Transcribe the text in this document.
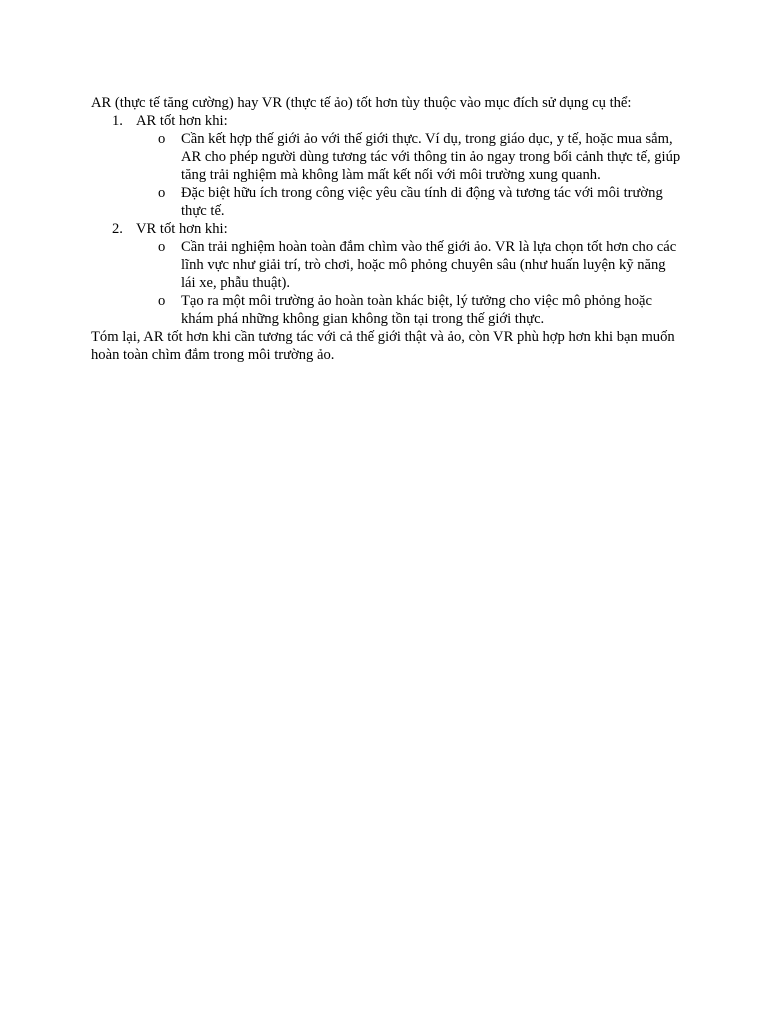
AR (thực tế tăng cường) hay VR (thực tế ảo) tốt hơn tùy thuộc vào mục đích sử dụng cụ thể:

1. AR tốt hơn khi:
o Cần kết hợp thế giới ảo với thế giới thực. Ví dụ, trong giáo dục, y tế, hoặc mua sắm, AR cho phép người dùng tương tác với thông tin ảo ngay trong bối cảnh thực tế, giúp tăng trải nghiệm mà không làm mất kết nối với môi trường xung quanh.
o Đặc biệt hữu ích trong công việc yêu cầu tính di động và tương tác với môi trường thực tế.
2. VR tốt hơn khi:
o Cần trải nghiệm hoàn toàn đắm chìm vào thế giới ảo. VR là lựa chọn tốt hơn cho các lĩnh vực như giải trí, trò chơi, hoặc mô phỏng chuyên sâu (như huấn luyện kỹ năng lái xe, phẫu thuật).
o Tạo ra một môi trường ảo hoàn toàn khác biệt, lý tưởng cho việc mô phỏng hoặc khám phá những không gian không tồn tại trong thế giới thực.

Tóm lại, AR tốt hơn khi cần tương tác với cả thế giới thật và ảo, còn VR phù hợp hơn khi bạn muốn hoàn toàn chìm đắm trong môi trường ảo.
